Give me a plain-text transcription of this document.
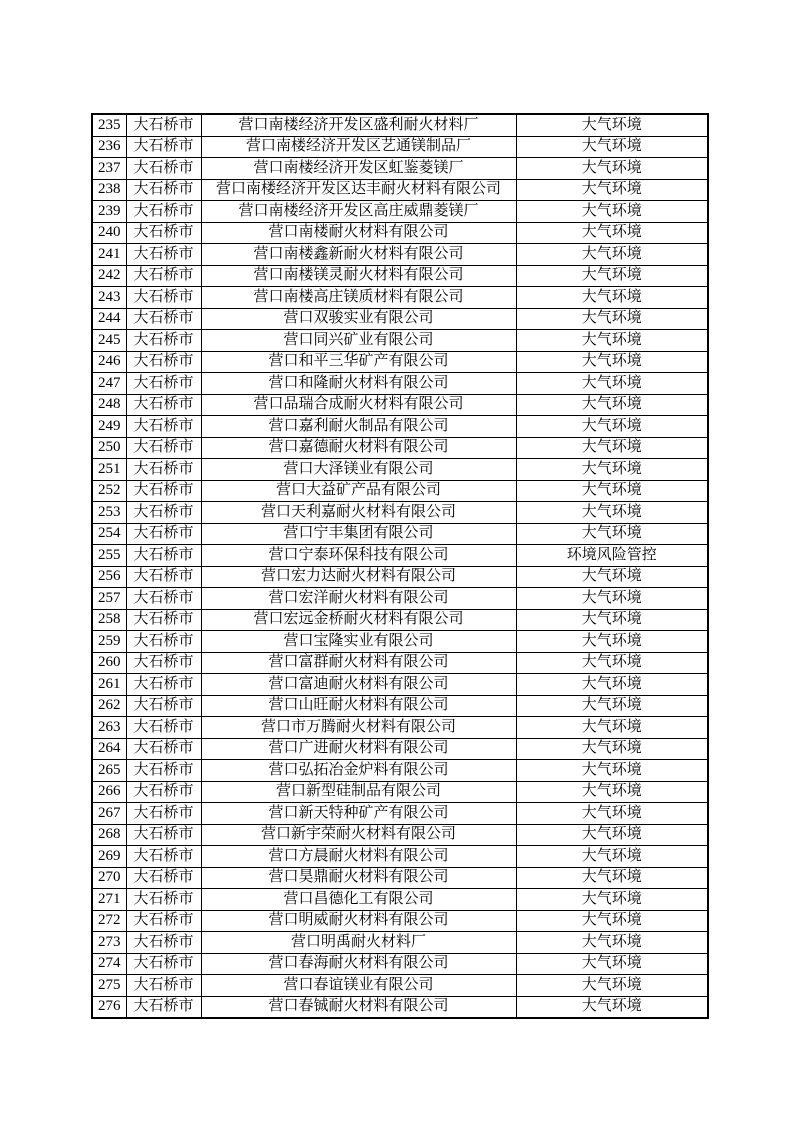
235	大石桥市	营口南楼经济开发区盛利耐火材料厂	大气环境
236	大石桥市	营口南楼经济开发区艺通镁制品厂	大气环境
237	大石桥市	营口南楼经济开发区虹鉴菱镁厂	大气环境
238	大石桥市	营口南楼经济开发区达丰耐火材料有限公司	大气环境
239	大石桥市	营口南楼经济开发区高庄威鼎菱镁厂	大气环境
240	大石桥市	营口南楼耐火材料有限公司	大气环境
241	大石桥市	营口南楼鑫新耐火材料有限公司	大气环境
242	大石桥市	营口南楼镁灵耐火材料有限公司	大气环境
243	大石桥市	营口南楼高庄镁质材料有限公司	大气环境
244	大石桥市	营口双骏实业有限公司	大气环境
245	大石桥市	营口同兴矿业有限公司	大气环境
246	大石桥市	营口和平三华矿产有限公司	大气环境
247	大石桥市	营口和隆耐火材料有限公司	大气环境
248	大石桥市	营口品瑞合成耐火材料有限公司	大气环境
249	大石桥市	营口嘉利耐火制品有限公司	大气环境
250	大石桥市	营口嘉德耐火材料有限公司	大气环境
251	大石桥市	营口大泽镁业有限公司	大气环境
252	大石桥市	营口大益矿产品有限公司	大气环境
253	大石桥市	营口天利嘉耐火材料有限公司	大气环境
254	大石桥市	营口宁丰集团有限公司	大气环境
255	大石桥市	营口宁泰环保科技有限公司	环境风险管控
256	大石桥市	营口宏力达耐火材料有限公司	大气环境
257	大石桥市	营口宏洋耐火材料有限公司	大气环境
258	大石桥市	营口宏远金桥耐火材料有限公司	大气环境
259	大石桥市	营口宝隆实业有限公司	大气环境
260	大石桥市	营口富群耐火材料有限公司	大气环境
261	大石桥市	营口富迪耐火材料有限公司	大气环境
262	大石桥市	营口山旺耐火材料有限公司	大气环境
263	大石桥市	营口市万腾耐火材料有限公司	大气环境
264	大石桥市	营口广进耐火材料有限公司	大气环境
265	大石桥市	营口弘拓冶金炉料有限公司	大气环境
266	大石桥市	营口新型硅制品有限公司	大气环境
267	大石桥市	营口新天特种矿产有限公司	大气环境
268	大石桥市	营口新宇荣耐火材料有限公司	大气环境
269	大石桥市	营口方晨耐火材料有限公司	大气环境
270	大石桥市	营口昊鼎耐火材料有限公司	大气环境
271	大石桥市	营口昌德化工有限公司	大气环境
272	大石桥市	营口明威耐火材料有限公司	大气环境
273	大石桥市	营口明禹耐火材料厂	大气环境
274	大石桥市	营口春海耐火材料有限公司	大气环境
275	大石桥市	营口春谊镁业有限公司	大气环境
276	大石桥市	营口春铖耐火材料有限公司	大气环境
